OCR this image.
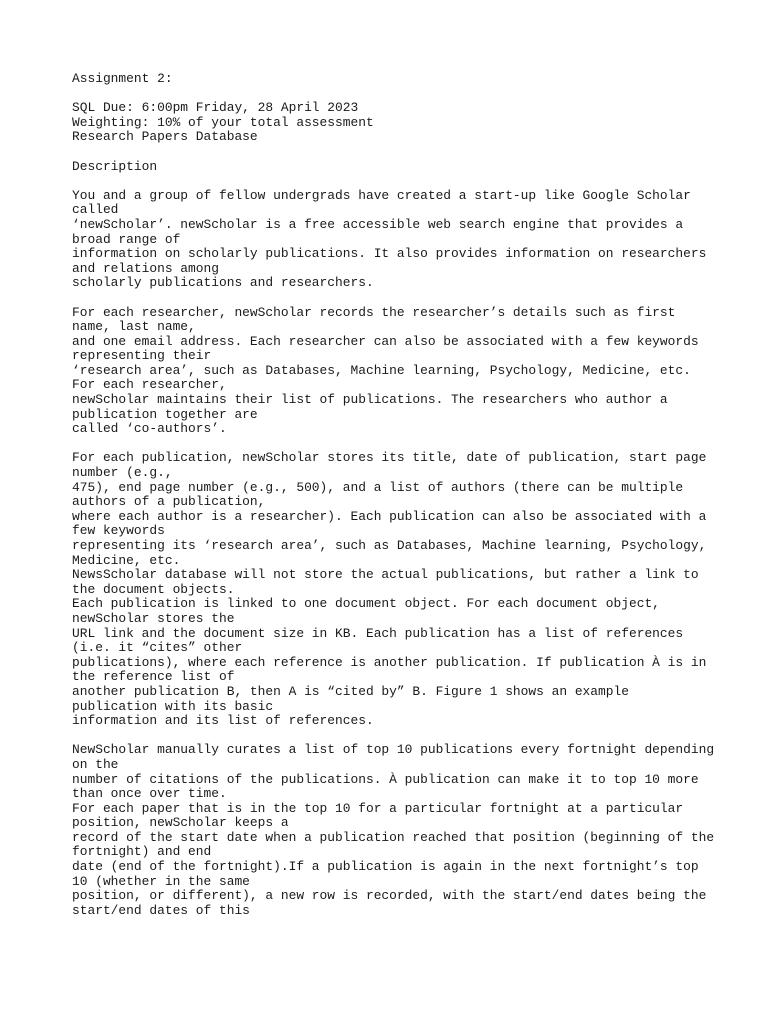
Assignment 2:
SQL Due: 6:00pm Friday, 28 April 2023
Weighting: 10% of your total assessment
Research Papers Database
Description
You and a group of fellow undergrads have created a start-up like Google Scholar
called
‘newScholar’. newScholar is a free accessible web search engine that provides a
broad range of
information on scholarly publications. It also provides information on researchers
and relations among
scholarly publications and researchers.
For each researcher, newScholar records the researcher’s details such as first
name, last name,
and one email address. Each researcher can also be associated with a few keywords
representing their
‘research area’, such as Databases, Machine learning, Psychology, Medicine, etc.
For each researcher,
newScholar maintains their list of publications. The researchers who author a
publication together are
called ‘co-authors’.
For each publication, newScholar stores its title, date of publication, start page
number (e.g.,
475), end page number (e.g., 500), and a list of authors (there can be multiple
authors of a publication,
where each author is a researcher). Each publication can also be associated with a
few keywords
representing its ‘research area’, such as Databases, Machine learning, Psychology,
Medicine, etc.
NewsScholar database will not store the actual publications, but rather a link to
the document objects.
Each publication is linked to one document object. For each document object,
newScholar stores the
URL link and the document size in KB. Each publication has a list of references
(i.e. it “cites” other
publications), where each reference is another publication. If publication À is in
the reference list of
another publication B, then A is “cited by” B. Figure 1 shows an example
publication with its basic
information and its list of references.
NewScholar manually curates a list of top 10 publications every fortnight depending
on the
number of citations of the publications. À publication can make it to top 10 more
than once over time.
For each paper that is in the top 10 for a particular fortnight at a particular
position, newScholar keeps a
record of the start date when a publication reached that position (beginning of the
fortnight) and end
date (end of the fortnight).If a publication is again in the next fortnight’s top
10 (whether in the same
position, or different), a new row is recorded, with the start/end dates being the
start/end dates of this
